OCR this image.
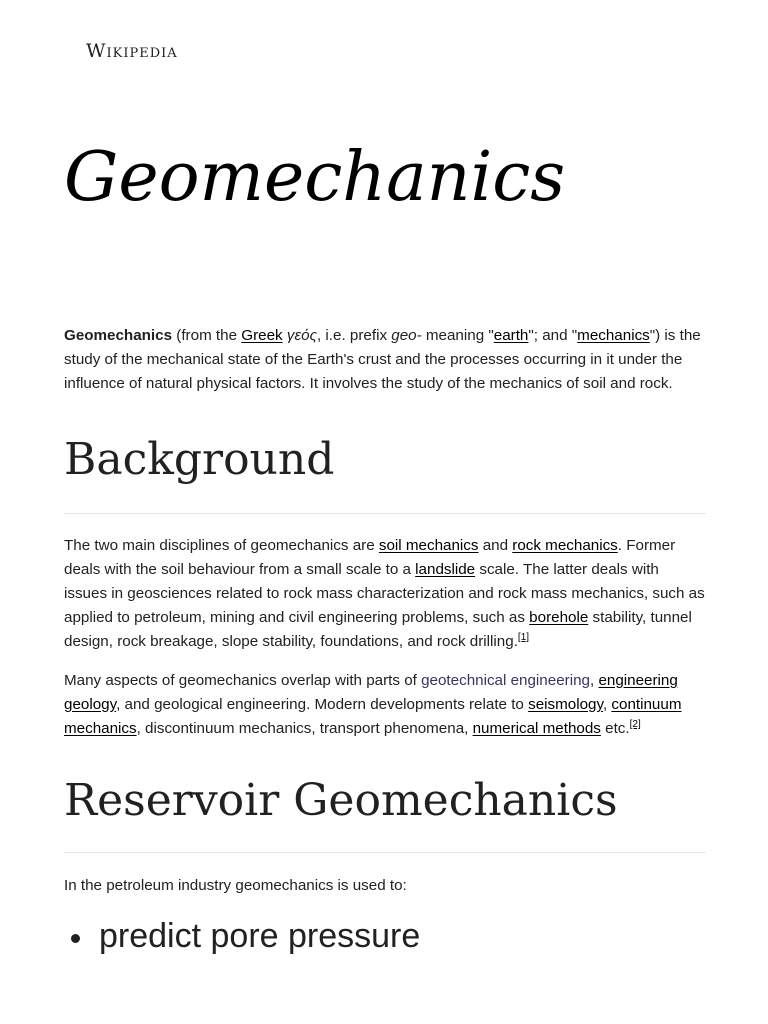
Wikipedia
Geomechanics

Geomechanics (from the Greek γεός, i.e. prefix geo- meaning "earth"; and "mechanics") is the study of the mechanical state of the Earth's crust and the processes occurring in it under the influence of natural physical factors. It involves the study of the mechanics of soil and rock.

Background

The two main disciplines of geomechanics are soil mechanics and rock mechanics. Former deals with the soil behaviour from a small scale to a landslide scale. The latter deals with issues in geosciences related to rock mass characterization and rock mass mechanics, such as applied to petroleum, mining and civil engineering problems, such as borehole stability, tunnel design, rock breakage, slope stability, foundations, and rock drilling.[1]

Many aspects of geomechanics overlap with parts of geotechnical engineering, engineering geology, and geological engineering. Modern developments relate to seismology, continuum mechanics, discontinuum mechanics, transport phenomena, numerical methods etc.[2]

Reservoir Geomechanics

In the petroleum industry geomechanics is used to:

predict pore pressure
